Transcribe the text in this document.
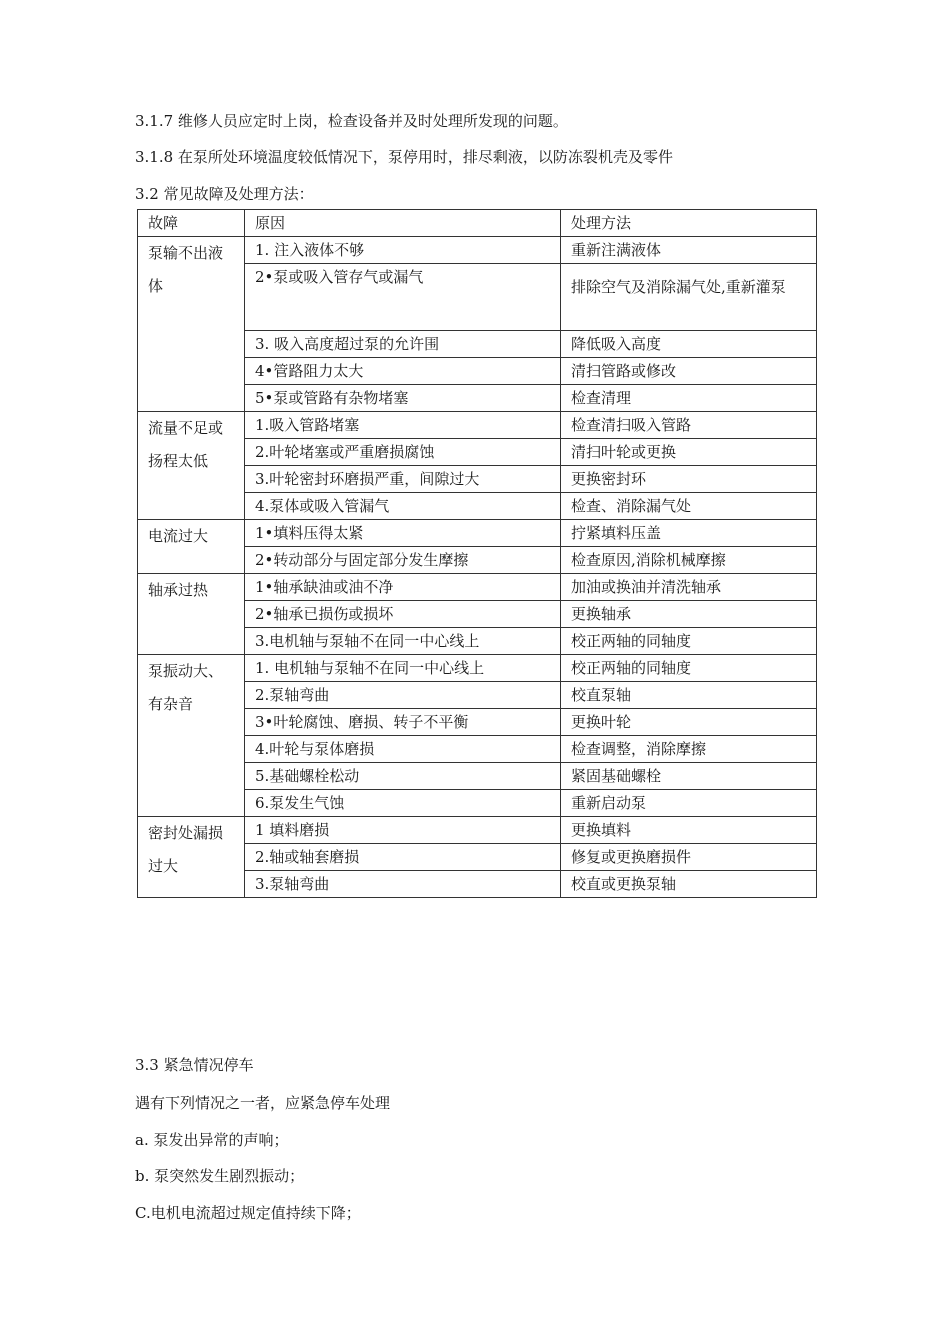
3.1.7 维修人员应定时上岗，检查设备并及时处理所发现的问题。
3.1.8 在泵所处环境温度较低情况下，泵停用时，排尽剩液，以防冻裂机壳及零件
3.2 常见故障及处理方法：
故障	原因	处理方法
泵输不出液体	1. 注入液体不够	重新注满液体
	2•泵或吸入管存气或漏气	排除空气及消除漏气处,重新灌泵
	3. 吸入高度超过泵的允许围	降低吸入高度
	4•管路阻力太大	清扫管路或修改
	5•泵或管路有杂物堵塞	检查清理
流量不足或扬程太低	1.吸入管路堵塞	检查清扫吸入管路
	2.叶轮堵塞或严重磨损腐蚀	清扫叶轮或更换
	3.叶轮密封环磨损严重，间隙过大	更换密封环
	4.泵体或吸入管漏气	检查、消除漏气处
电流过大	1•填料压得太紧	拧紧填料压盖
	2•转动部分与固定部分发生摩擦	检查原因,消除机械摩擦
轴承过热	1•轴承缺油或油不净	加油或换油并清洗轴承
	2•轴承已损伤或损坏	更换轴承
	3.电机轴与泵轴不在同一中心线上	校正两轴的同轴度
泵振动大、有杂音	1. 电机轴与泵轴不在同一中心线上	校正两轴的同轴度
	2.泵轴弯曲	校直泵轴
	3•叶轮腐蚀、磨损、转子不平衡	更换叶轮
	4.叶轮与泵体磨损	检查调整，消除摩擦
	5.基础螺栓松动	紧固基础螺栓
	6.泵发生气蚀	重新启动泵
密封处漏损过大	1 填料磨损	更换填料
	2.轴或轴套磨损	修复或更换磨损件
	3.泵轴弯曲	校直或更换泵轴
3.3 紧急情况停车
遇有下列情况之一者，应紧急停车处理
a. 泵发出异常的声响；
b. 泵突然发生剧烈振动；
C.电机电流超过规定值持续下降；
